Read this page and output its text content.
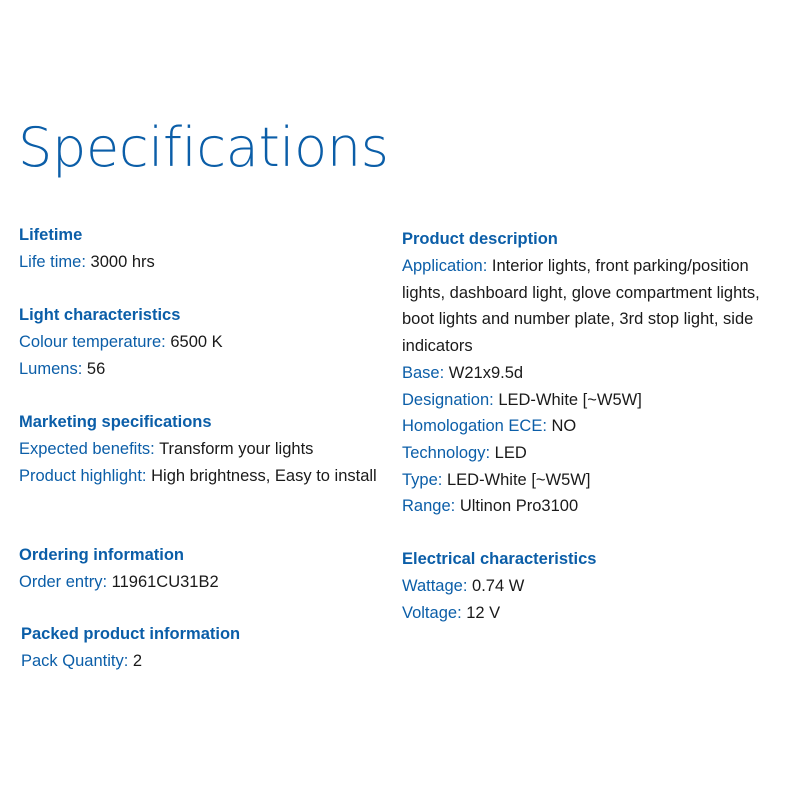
Specifications
Lifetime

Life time : 3000 hrs

Light characteristics

Colour temperature : 6500 K

Lumens : 56

Marketing specifications

Expected benefits : Transform your lights

Product highlight : High brightness, Easy to install

Ordering information

Order entry : 11961CU31B2

Packed product information

Pack Quantity : 2

Product description

Application : Interior lights, front parking/position lights, dashboard light, glove compartment lights, boot lights and number plate, 3rd stop light, side indicators

Base : W21x9.5d

Designation : LED-White [~W5W]

Homologation ECE : NO

Technology : LED

Type : LED-White [~W5W]

Range : Ultinon Pro3100

Electrical characteristics

Wattage : 0.74 W

Voltage : 12 V
